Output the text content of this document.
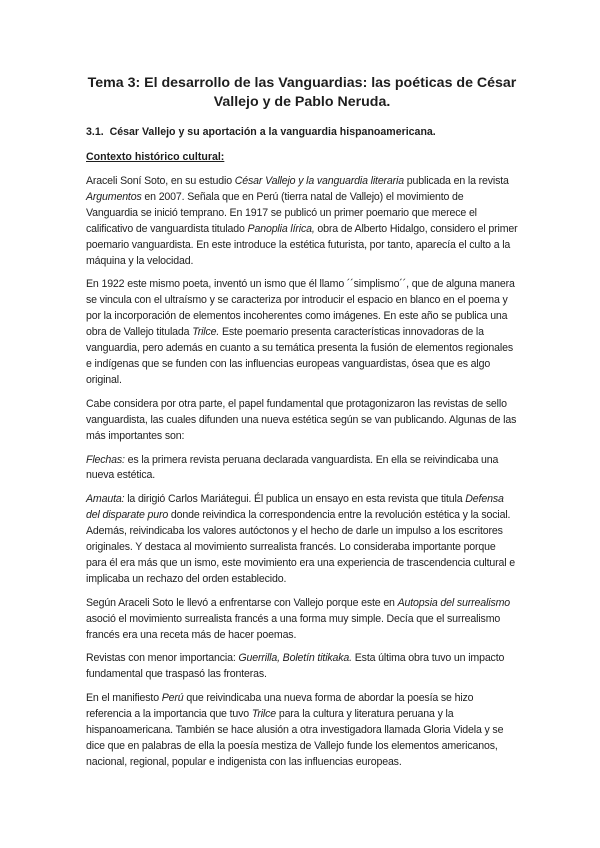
Tema 3: El desarrollo de las Vanguardias: las poéticas de César Vallejo y de Pablo Neruda.
3.1. César Vallejo y su aportación a la vanguardia hispanoamericana.
Contexto histórico cultural:

Araceli Soní Soto, en su estudio César Vallejo y la vanguardia literaria publicada en la revista Argumentos en 2007. Señala que en Perú (tierra natal de Vallejo) el movimiento de Vanguardia se inició temprano. En 1917 se publicó un primer poemario que merece el calificativo de vanguardista titulado Panoplia lírica, obra de Alberto Hidalgo, considero el primer poemario vanguardista. En este introduce la estética futurista, por tanto, aparecía el culto a la máquina y la velocidad.

En 1922 este mismo poeta, inventó un ismo que él llamo ´´simplismo´´, que de alguna manera se vincula con el ultraísmo y se caracteriza por introducir el espacio en blanco en el poema y por la incorporación de elementos incoherentes como imágenes. En este año se publica una obra de Vallejo titulada Trilce. Este poemario presenta características innovadoras de la vanguardia, pero además en cuanto a su temática presenta la fusión de elementos regionales e indígenas que se funden con las influencias europeas vanguardistas, ósea que es algo original.

Cabe considera por otra parte, el papel fundamental que protagonizaron las revistas de sello vanguardista, las cuales difunden una nueva estética según se van publicando. Algunas de las más importantes son:

Flechas: es la primera revista peruana declarada vanguardista. En ella se reivindicaba una nueva estética.

Amauta: la dirigió Carlos Mariátegui. Él publica un ensayo en esta revista que titula Defensa del disparate puro donde reivindica la correspondencia entre la revolución estética y la social. Además, reivindicaba los valores autóctonos y el hecho de darle un impulso a los escritores originales. Y destaca al movimiento surrealista francés. Lo consideraba importante porque para él era más que un ismo, este movimiento era una experiencia de trascendencia cultural e implicaba un rechazo del orden establecido.

Según Araceli Soto le llevó a enfrentarse con Vallejo porque este en Autopsia del surrealismo asoció el movimiento surrealista francés a una forma muy simple. Decía que el surrealismo francés era una receta más de hacer poemas.

Revistas con menor importancia: Guerrilla, Boletín titikaka. Esta última obra tuvo un impacto fundamental que traspasó las fronteras.

En el manifiesto Perú que reivindicaba una nueva forma de abordar la poesía se hizo referencia a la importancia que tuvo Trilce para la cultura y literatura peruana y la hispanoamericana. También se hace alusión a otra investigadora llamada Gloria Videla y se dice que en palabras de ella la poesía mestiza de Vallejo funde los elementos americanos, nacional, regional, popular e indigenista con las influencias europeas.
